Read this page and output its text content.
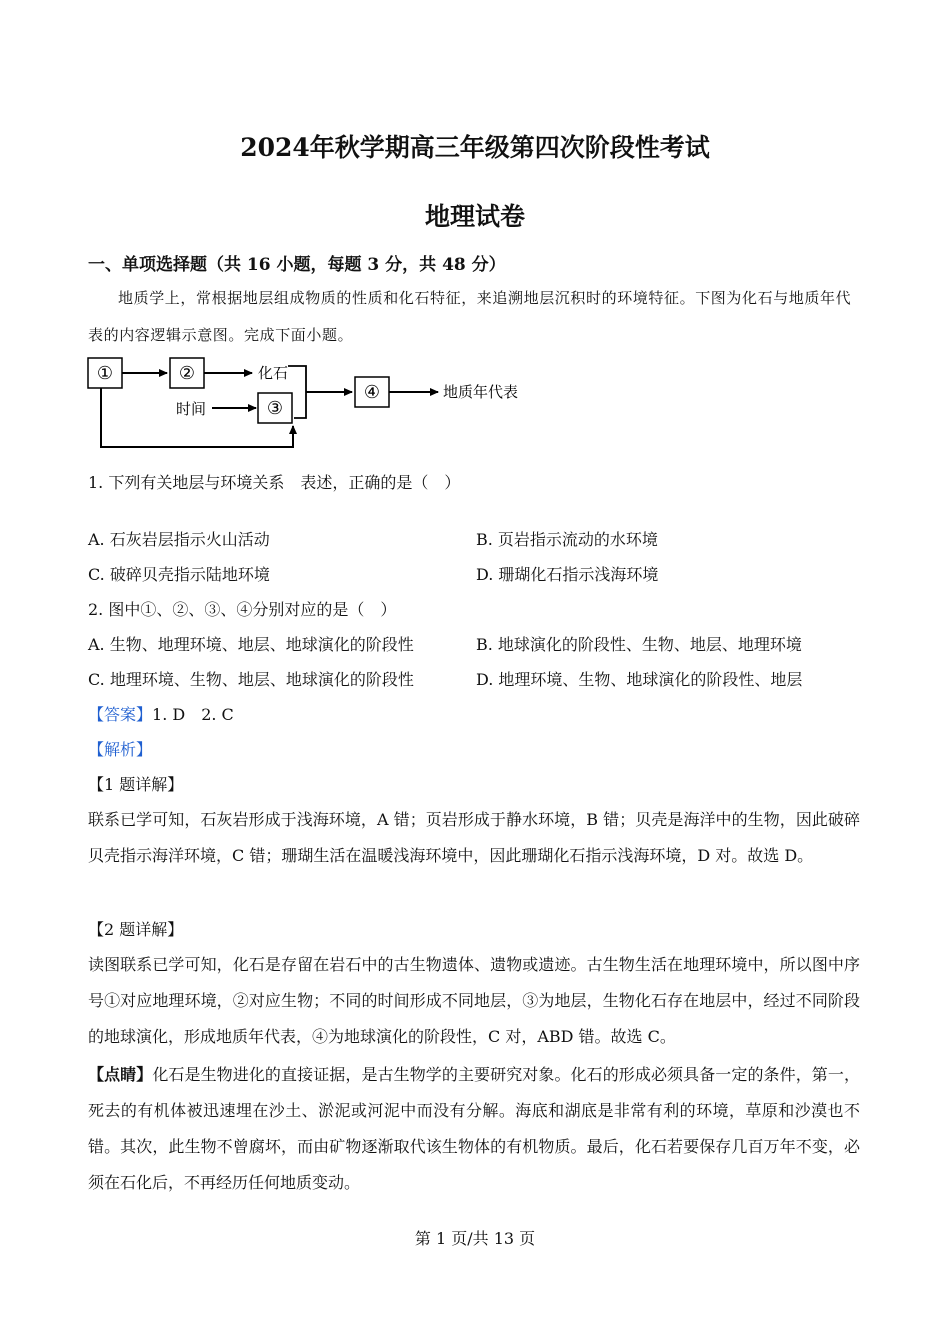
2024年秋学期高三年级第四次阶段性考试
地理试卷
一、单项选择题（共 16 小题，每题 3 分，共 48 分）
地质学上，常根据地层组成物质的性质和化石特征，来追溯地层沉积时的环境特征。下图为化石与地质年代表的内容逻辑示意图。完成下面小题。
①	②	化石
时间	③
④	地质年代表
1. 下列有关地层与环境关系　表述，正确的是（　）
A. 石灰岩层指示火山活动	B. 页岩指示流动的水环境
C. 破碎贝壳指示陆地环境	D. 珊瑚化石指示浅海环境
2. 图中①、②、③、④分别对应的是（　）
A. 生物、地理环境、地层、地球演化的阶段性	B. 地球演化的阶段性、生物、地层、地理环境
C. 地理环境、生物、地层、地球演化的阶段性	D. 地理环境、生物、地球演化的阶段性、地层
【答案】1. D　2. C
【解析】
【1 题详解】
联系已学可知，石灰岩形成于浅海环境，A 错；页岩形成于静水环境，B 错；贝壳是海洋中的生物，因此破碎贝壳指示海洋环境，C 错；珊瑚生活在温暖浅海环境中，因此珊瑚化石指示浅海环境，D 对。故选 D。
【2 题详解】
读图联系已学可知，化石是存留在岩石中的古生物遗体、遗物或遗迹。古生物生活在地理环境中，所以图中序号①对应地理环境，②对应生物；不同的时间形成不同地层，③为地层，生物化石存在地层中，经过不同阶段的地球演化，形成地质年代表，④为地球演化的阶段性，C 对，ABD 错。故选 C。
【点睛】化石是生物进化的直接证据，是古生物学的主要研究对象。化石的形成必须具备一定的条件，第一，死去的有机体被迅速埋在沙土、淤泥或河泥中而没有分解。海底和湖底是非常有利的环境，草原和沙漠也不错。其次，此生物不曾腐坏，而由矿物逐渐取代该生物体的有机物质。最后，化石若要保存几百万年不变，必须在石化后，不再经历任何地质变动。
第 1 页/共 13 页
